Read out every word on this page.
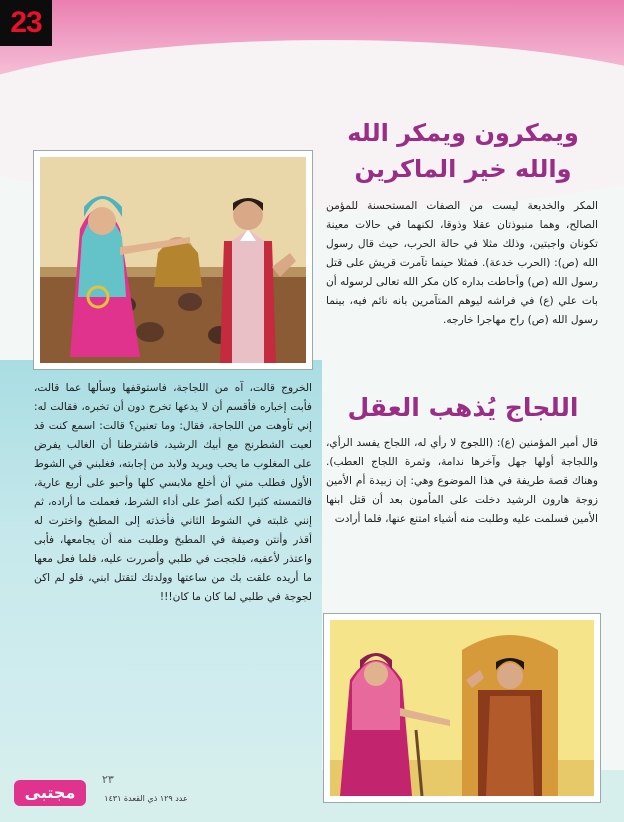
23
ويمكرون ويمكر الله
والله خير الماكرين
المكر والخديعة ليست من الصفات المستحسنة للمؤمن الصالح، وهما منبوذتان عقلا وذوقا، لكنهما في حالات معينة تكونان واجبتين، وذلك مثلا في حالة الحرب، حيث قال رسول الله (ص): (الحرب خدعة). فمثلا حينما تآمرت قريش على قتل رسول الله (ص) وأحاطت بداره كان مكر الله تعالى لرسوله أن بات علي (ع) في فراشه ليوهم المتآمرين بانه نائم فيه، بينما رسول الله (ص) راح مهاجرا خارجه.
اللجاج يُذهب العقل
قال أمير المؤمنين (ع): (اللجوج لا رأي له، اللجاج يفسد الرأي، واللجاجة أولها جهل وآخرها ندامة، وثمرة اللجاج العطب). وهناك قصة طريفة في هذا الموضوع وهي: إن زبيدة أم الأمين زوجة هارون الرشيد دخلت على المأمون بعد أن قتل ابنها الأمين فسلمت عليه وطلبت منه أشياء امتنع عنها، فلما أرادت
الخروج قالت، آه من اللجاجة، فاستوقفها وسألها عما قالت، فأبت إخباره فأقسم أن لا يدعها تخرج دون أن تخبره، فقالت له: إني تأوهت من اللجاجة، فقال: وما تعنين؟ قالت: اسمع كنت قد لعبت الشطرنج مع أبيك الرشيد، فاشترطنا أن الغالب يفرض على المغلوب ما يحب ويريد ولابد من إجابته، فغلبني في الشوط الأول فطلب مني أن أخلع ملابسي كلها وأحبو على أربع عارية، فالتمسته كثيرا لكنه أصرّ على أداء الشرط، فعملت ما أراده، ثم إنني غلبته في الشوط الثاني فأخذته إلى المطبخ واخترت له أقذر وأنتن وصيفة في المطبخ وطلبت منه أن يجامعها، فأبى واعتذر لأعفيه، فلججت في طلبي وأصررت عليه، فلما فعل معها ما أريده علقت بك من ساعتها وولدتك لتقتل ابني، فلو لم اكن لجوجة في طلبي لما كان ما كان!!!
٢٣
مجتبى	عدد ١٢٩ ذي القعدة ١٤٣١
